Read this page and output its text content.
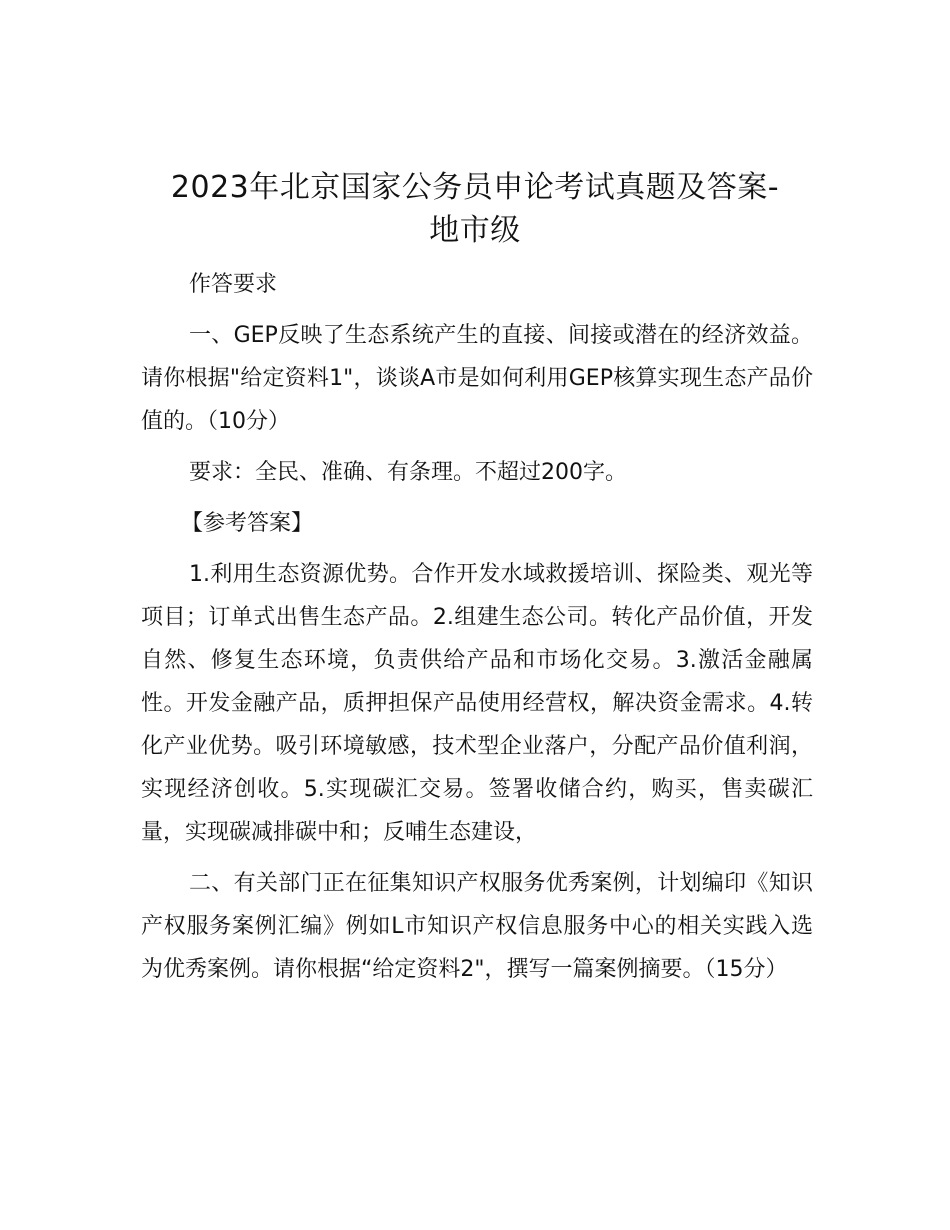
2023年北京国家公务员申论考试真题及答案-
地市级

作答要求

一、GEP反映了生态系统产生的直接、间接或潜在的经济效益。请你根据"给定资料1"，谈谈A市是如何利用GEP核算实现生态产品价值的。（10分）

要求：全民、准确、有条理。不超过200字。

【参考答案】

1.利用生态资源优势。合作开发水域救援培训、探险类、观光等项目；订单式出售生态产品。2.组建生态公司。转化产品价值，开发自然、修复生态环境，负责供给产品和市场化交易。3.激活金融属性。开发金融产品，质押担保产品使用经营权，解决资金需求。4.转化产业优势。吸引环境敏感，技术型企业落户，分配产品价值利润，实现经济创收。5.实现碳汇交易。签署收储合约，购买，售卖碳汇量，实现碳减排碳中和；反哺生态建设，

二、有关部门正在征集知识产权服务优秀案例，计划编印《知识产权服务案例汇编》例如L市知识产权信息服务中心的相关实践入选为优秀案例。请你根据“给定资料2"，撰写一篇案例摘要。（15分）
